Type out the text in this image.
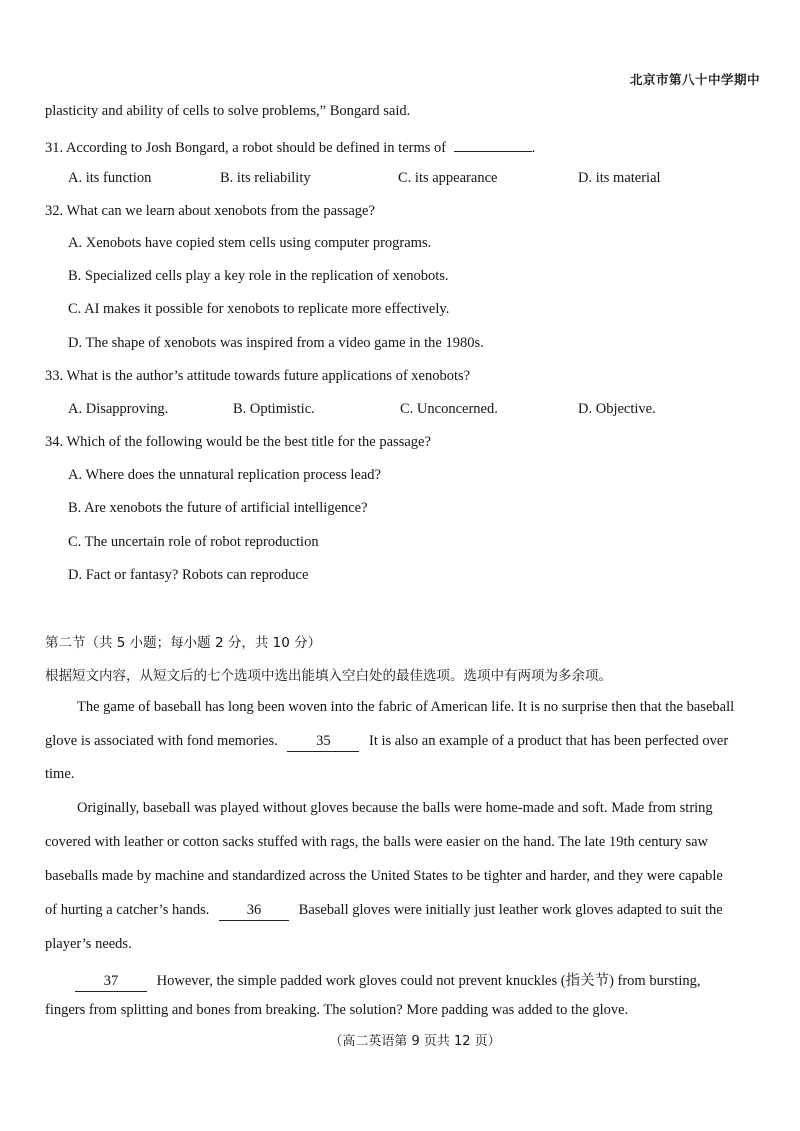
北京市第八十中学期中
plasticity and ability of cells to solve problems,” Bongard said.
31. According to Josh Bongard, a robot should be defined in terms of	.
A. its function	B. its reliability	C. its appearance	D. its material
32. What can we learn about xenobots from the passage?
A. Xenobots have copied stem cells using computer programs.
B. Specialized cells play a key role in the replication of xenobots.
C. AI makes it possible for xenobots to replicate more effectively.
D. The shape of xenobots was inspired from a video game in the 1980s.
33. What is the author’s attitude towards future applications of xenobots?
A. Disapproving.	B. Optimistic.	C. Unconcerned.	D. Objective.
34. Which of the following would be the best title for the passage?
A. Where does the unnatural replication process lead?
B. Are xenobots the future of artificial intelligence?
C. The uncertain role of robot reproduction
D. Fact or fantasy? Robots can reproduce
第二节（共 5 小题；每小题 2 分，共 10 分）
根据短文内容，从短文后的七个选项中选出能填入空白处的最佳选项。选项中有两项为多余项。
The game of baseball has long been woven into the fabric of American life. It is no surprise then that the baseball
glove is associated with fond memories.	35	It is also an example of a product that has been perfected over
time.
Originally, baseball was played without gloves because the balls were home-made and soft. Made from string
covered with leather or cotton sacks stuffed with rags, the balls were easier on the hand. The late 19th century saw
baseballs made by machine and standardized across the United States to be tighter and harder, and they were capable
of hurting a catcher’s hands.	36	Baseball gloves were initially just leather work gloves adapted to suit the
player’s needs.
37	However, the simple padded work gloves could not prevent knuckles (指关节) from bursting,
fingers from splitting and bones from breaking. The solution? More padding was added to the glove.
（高二英语第 9 页共 12 页）
